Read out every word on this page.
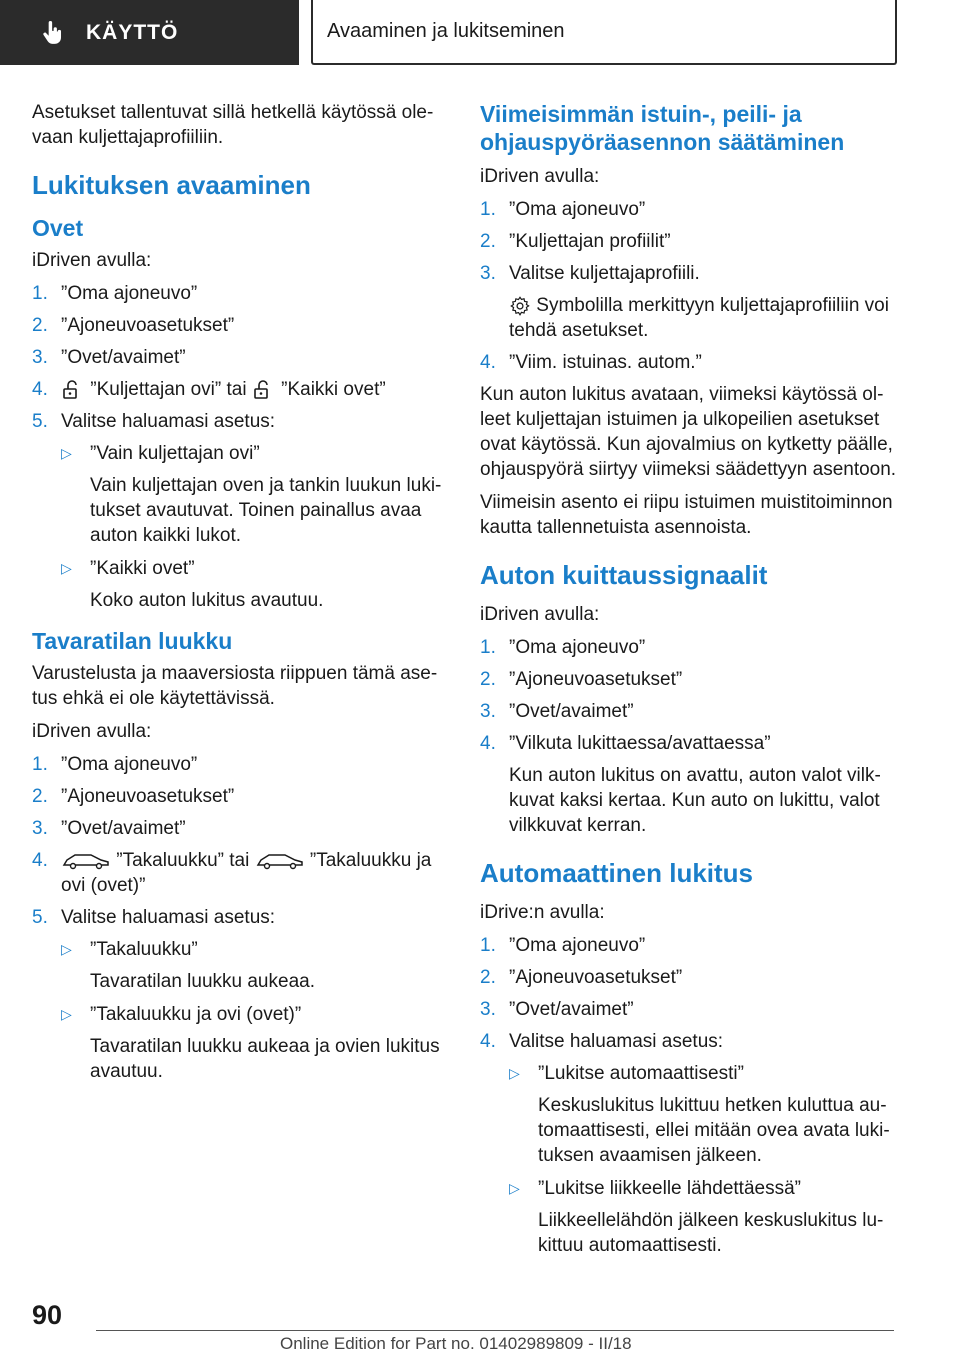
KÄYTTÖ	Avaaminen ja lukitseminen

Asetukset tallentuvat sillä hetkellä käytössä ole-vaan kuljettajaprofiiliin.

Lukituksen avaaminen
Ovet

iDriven avulla:

1. ”Oma ajoneuvo”
2. ”Ajoneuvoasetukset”
3. ”Ovet/avaimet”
4.	”Kuljettajan ovi” tai ”Kaikki ovet”
5. Valitse haluamasi asetus:
▷ ”Vain kuljettajan ovi”

Vain kuljettajan oven ja tankin luukun luki-tukset avautuvat. Toinen painallus avaa auton kaikki lukot.

▷ ”Kaikki ovet”

Koko auton lukitus avautuu.

Tavaratilan luukku

Varustelusta ja maaversiosta riippuen tämä ase-tus ehkä ei ole käytettävissä.

iDriven avulla:

1. ”Oma ajoneuvo”
2. ”Ajoneuvoasetukset”
3. ”Ovet/avaimet”
4.	”Takaluukku” tai	”Takaluukku ja ovi (ovet)”
5. Valitse haluamasi asetus:
▷ ”Takaluukku”

Tavaratilan luukku aukeaa.

▷ ”Takaluukku ja ovi (ovet)”

Tavaratilan luukku aukeaa ja ovien lukitus avautuu.

Viimeisimmän istuin-, peili- ja ohjauspyöräasennon säätäminen

iDriven avulla:

1. ”Oma ajoneuvo”
2. ”Kuljettajan profiilit”
3. Valitse kuljettajaprofiili.

Symbolilla merkittyyn kuljettajaprofiiliin voi tehdä asetukset.

4. ”Viim. istuinas. autom.”

Kun auton lukitus avataan, viimeksi käytössä ol-leet kuljettajan istuimen ja ulkopeilien asetukset ovat käytössä. Kun ajovalmius on kytketty päälle, ohjauspyörä siirtyy viimeksi säädettyyn asentoon.

Viimeisin asento ei riipu istuimen muistitoiminnon kautta tallennetuista asennoista.

Auton kuittaussignaalit

iDriven avulla:

1. ”Oma ajoneuvo”
2. ”Ajoneuvoasetukset”
3. ”Ovet/avaimet”
4. ”Vilkuta lukittaessa/avattaessa”

Kun auton lukitus on avattu, auton valot vilk-kuvat kaksi kertaa. Kun auto on lukittu, valot vilkkuvat kerran.

Automaattinen lukitus

iDrive:n avulla:

1. ”Oma ajoneuvo”
2. ”Ajoneuvoasetukset”
3. ”Ovet/avaimet”
4. Valitse haluamasi asetus:
▷ ”Lukitse automaattisesti”

Keskuslukitus lukittuu hetken kuluttua au-tomaattisesti, ellei mitään ovea avata luki-tuksen avaamisen jälkeen.

▷ ”Lukitse liikkeelle lähdettäessä”

Liikkeellelähdön jälkeen keskuslukitus lu-kittuu automaattisesti.

90
Online Edition for Part no. 01402989809 - II/18
